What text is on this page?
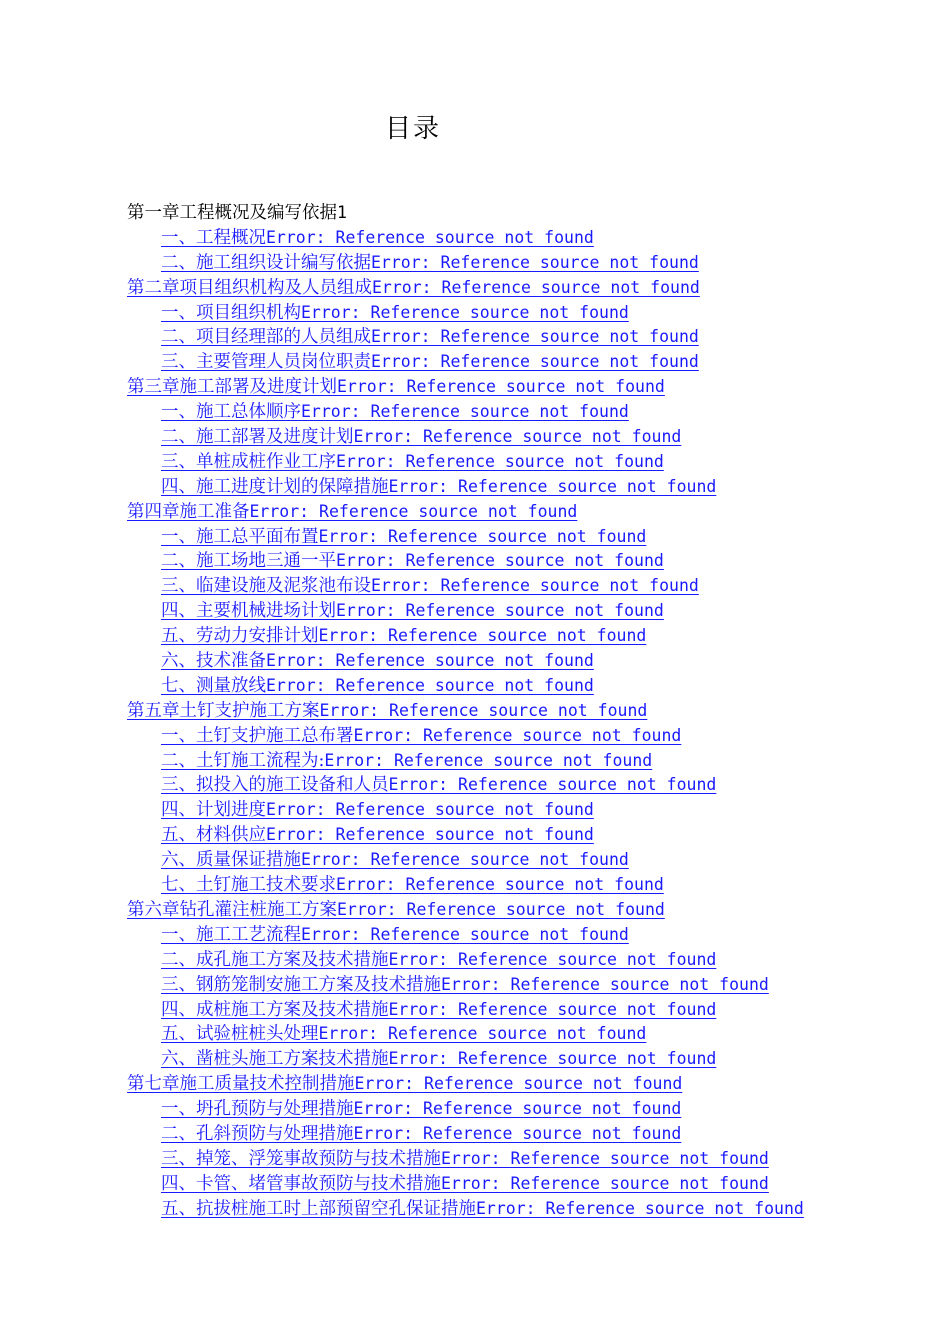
目录
第一章工程概况及编写依据1
一、工程概况Error: Reference source not found
二、施工组织设计编写依据Error: Reference source not found
第二章项目组织机构及人员组成Error: Reference source not found
一、项目组织机构Error: Reference source not found
二、项目经理部的人员组成Error: Reference source not found
三、主要管理人员岗位职责Error: Reference source not found
第三章施工部署及进度计划Error: Reference source not found
一、施工总体顺序Error: Reference source not found
二、施工部署及进度计划Error: Reference source not found
三、单桩成桩作业工序Error: Reference source not found
四、施工进度计划的保障措施Error: Reference source not found
第四章施工准备Error: Reference source not found
一、施工总平面布置Error: Reference source not found
二、施工场地三通一平Error: Reference source not found
三、临建设施及泥浆池布设Error: Reference source not found
四、主要机械进场计划Error: Reference source not found
五、劳动力安排计划Error: Reference source not found
六、技术准备Error: Reference source not found
七、测量放线Error: Reference source not found
第五章土钉支护施工方案Error: Reference source not found
一、土钉支护施工总布署Error: Reference source not found
二、土钉施工流程为:Error: Reference source not found
三、拟投入的施工设备和人员Error: Reference source not found
四、计划进度Error: Reference source not found
五、材料供应Error: Reference source not found
六、质量保证措施Error: Reference source not found
七、土钉施工技术要求Error: Reference source not found
第六章钻孔灌注桩施工方案Error: Reference source not found
一、施工工艺流程Error: Reference source not found
二、成孔施工方案及技术措施Error: Reference source not found
三、钢筋笼制安施工方案及技术措施Error: Reference source not found
四、成桩施工方案及技术措施Error: Reference source not found
五、试验桩桩头处理Error: Reference source not found
六、凿桩头施工方案技术措施Error: Reference source not found
第七章施工质量技术控制措施Error: Reference source not found
一、坍孔预防与处理措施Error: Reference source not found
二、孔斜预防与处理措施Error: Reference source not found
三、掉笼、浮笼事故预防与技术措施Error: Reference source not found
四、卡管、堵管事故预防与技术措施Error: Reference source not found
五、抗拔桩施工时上部预留空孔保证措施Error: Reference source not found
